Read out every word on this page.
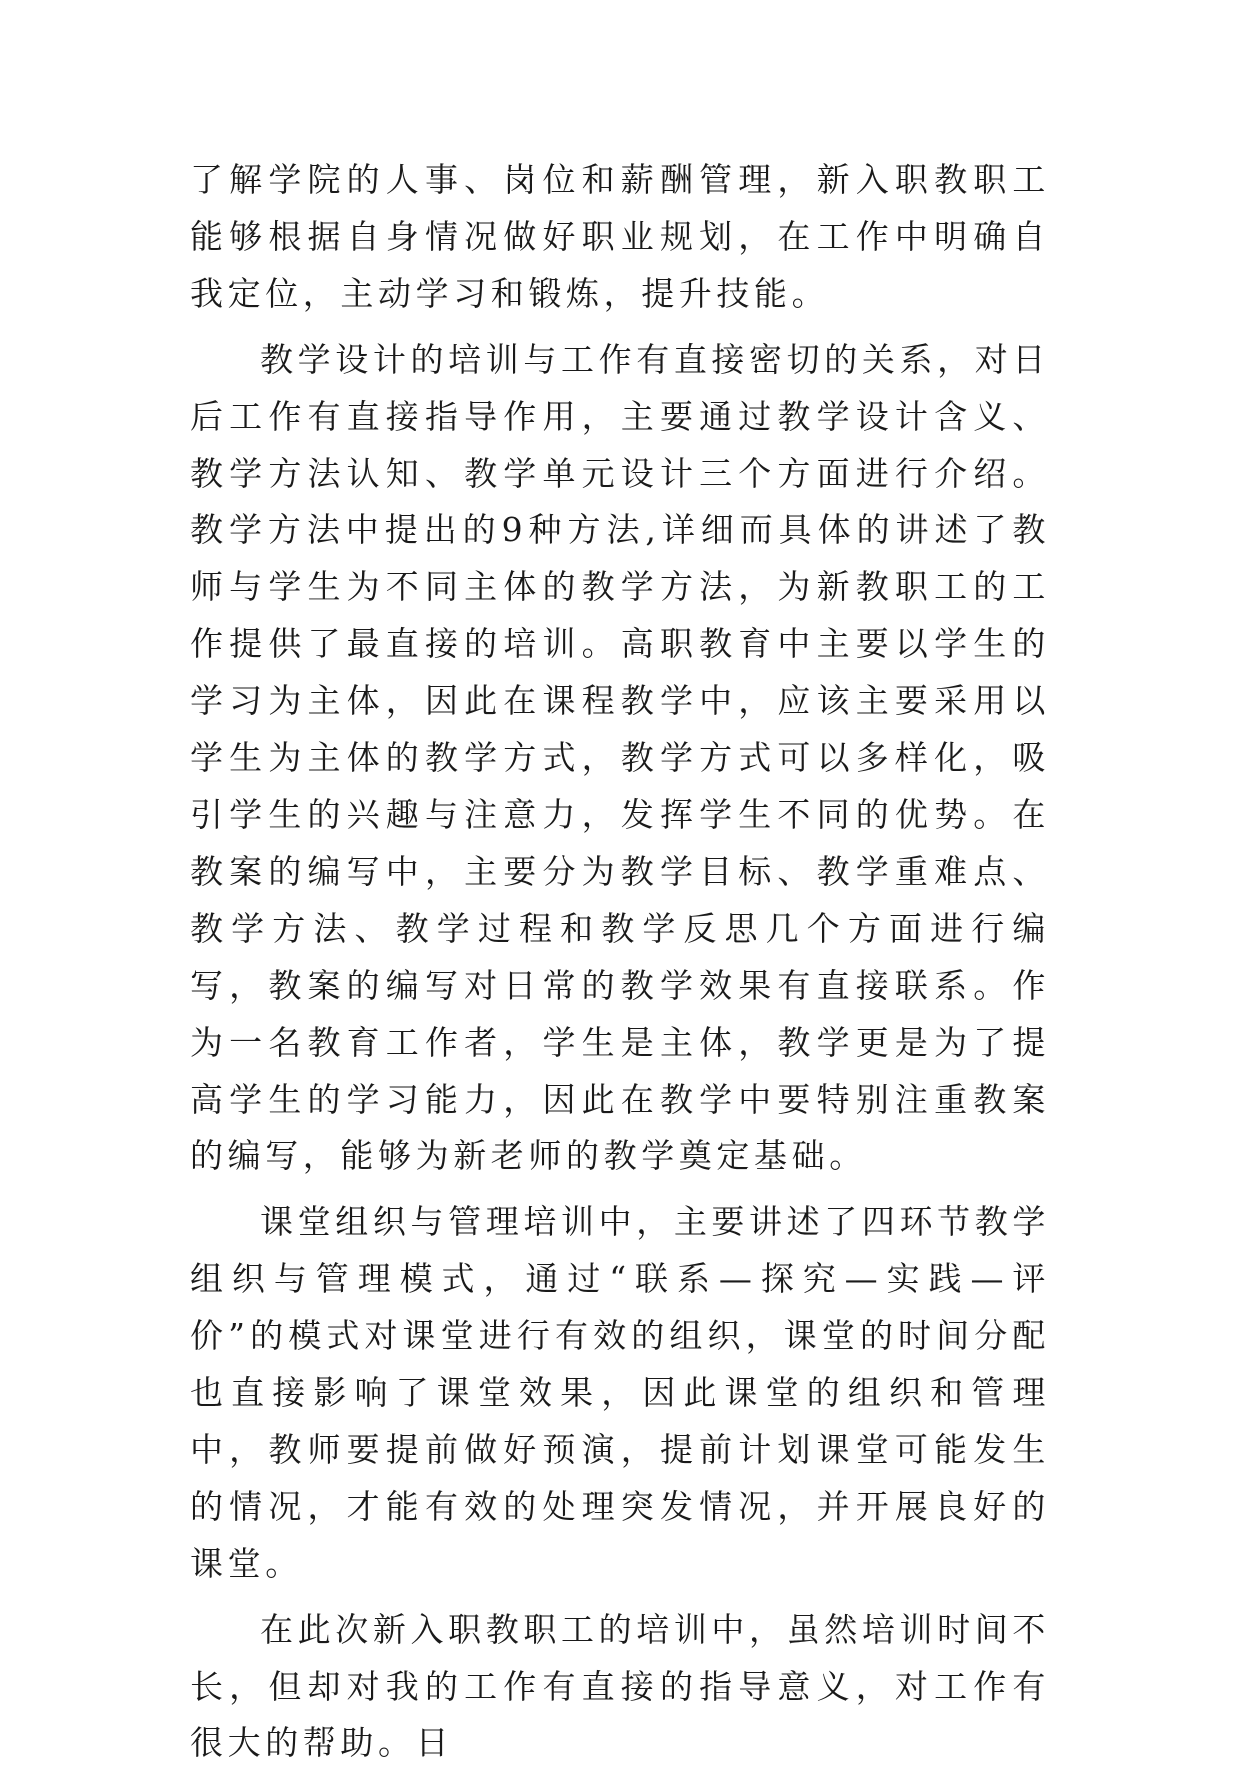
了解学院的人事、岗位和薪酬管理，新入职教职工能够根据自身情况做好职业规划，在工作中明确自我定位，主动学习和锻炼，提升技能。

教学设计的培训与工作有直接密切的关系，对日后工作有直接指导作用，主要通过教学设计含义、教学方法认知、教学单元设计三个方面进行介绍。教学方法中提出的9种方法,详细而具体的讲述了教师与学生为不同主体的教学方法，为新教职工的工作提供了最直接的培训。高职教育中主要以学生的学习为主体，因此在课程教学中，应该主要采用以学生为主体的教学方式，教学方式可以多样化，吸引学生的兴趣与注意力，发挥学生不同的优势。在教案的编写中，主要分为教学目标、教学重难点、教学方法、教学过程和教学反思几个方面进行编写，教案的编写对日常的教学效果有直接联系。作为一名教育工作者，学生是主体，教学更是为了提高学生的学习能力，因此在教学中要特别注重教案的编写，能够为新老师的教学奠定基础。

课堂组织与管理培训中，主要讲述了四环节教学组织与管理模式，通过“联系—探究—实践—评价”的模式对课堂进行有效的组织，课堂的时间分配也直接影响了课堂效果，因此课堂的组织和管理中，教师要提前做好预演，提前计划课堂可能发生的情况，才能有效的处理突发情况，并开展良好的课堂。

在此次新入职教职工的培训中，虽然培训时间不长，但却对我的工作有直接的指导意义，对工作有很大的帮助。日
